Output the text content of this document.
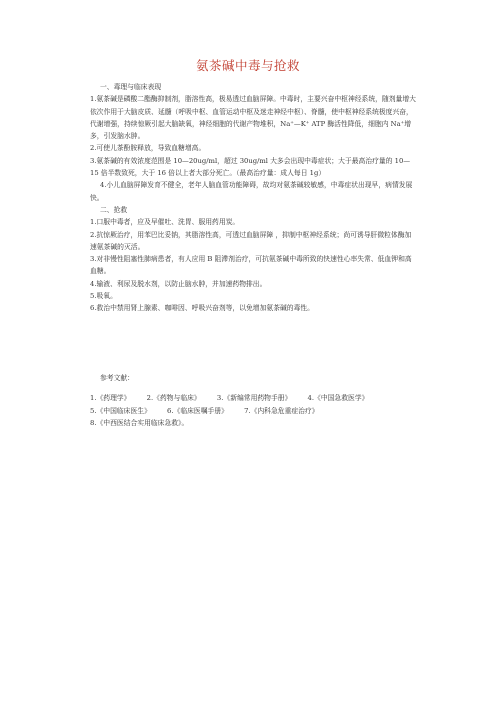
氨茶碱中毒与抢救

一、毒理与临床表现

1.氨茶碱是磷酸二酯酶抑制剂，脂溶性高，极易透过血脑屏障。中毒时，主要兴奋中枢神经系统，随剂量增大依次作用于大脑皮质、延髓（呼吸中枢、血管运动中枢及迷走神经中枢）、脊髓，使中枢神经系统极度兴奋，代谢增强，持续惊厥引起大脑缺氧，神经细胞的代谢产物堆积，Na⁺—K⁺ ATP 酶活性降低，细胞内 Na⁺增多，引发脑水肿。

2.可使儿茶酚胺释放，导致血糖增高。

3.氨茶碱的有效浓度范围是 10—20ug/ml，超过 30ug/ml 大多会出现中毒症状；大于最高治疗量的 10—15 倍半数致死，大于 16 倍以上者大部分死亡。（最高治疗量：成人每日 1g）

4.小儿血脑屏障发育不健全，老年人脑血管功能障碍，故均对氨茶碱较敏感，中毒症状出现早，病情发展快。

二、抢救

1.口服中毒者，应及早催吐、洗胃、服用药用炭。

2.抗惊厥治疗，用苯巴比妥钠，其脂溶性高，可透过血脑屏障 ，抑制中枢神经系统；尚可诱导肝微粒体酶加速氨茶碱的灭活。

3.对非慢性阻塞性肺病患者，有人应用 B 阻滞剂治疗，可抗氨茶碱中毒所致的快速性心率失常、低血钾和高血糖。

4.输液、利尿及脱水剂，以防止脑水肿，并加速药物排出。

5.吸氧。

6.救治中禁用肾上腺素、咖啡因、呼吸兴奋剂等，以免增加氨茶碱的毒性。

参考文献：
1.《药理学》 2.《药物与临床》 3.《新编常用药物手册》 4.《中国急救医学》
5.《中国临床医生》 6.《临床医嘱手册》 7.《内科急危重症治疗》
8.《中西医结合实用临床急救》。
